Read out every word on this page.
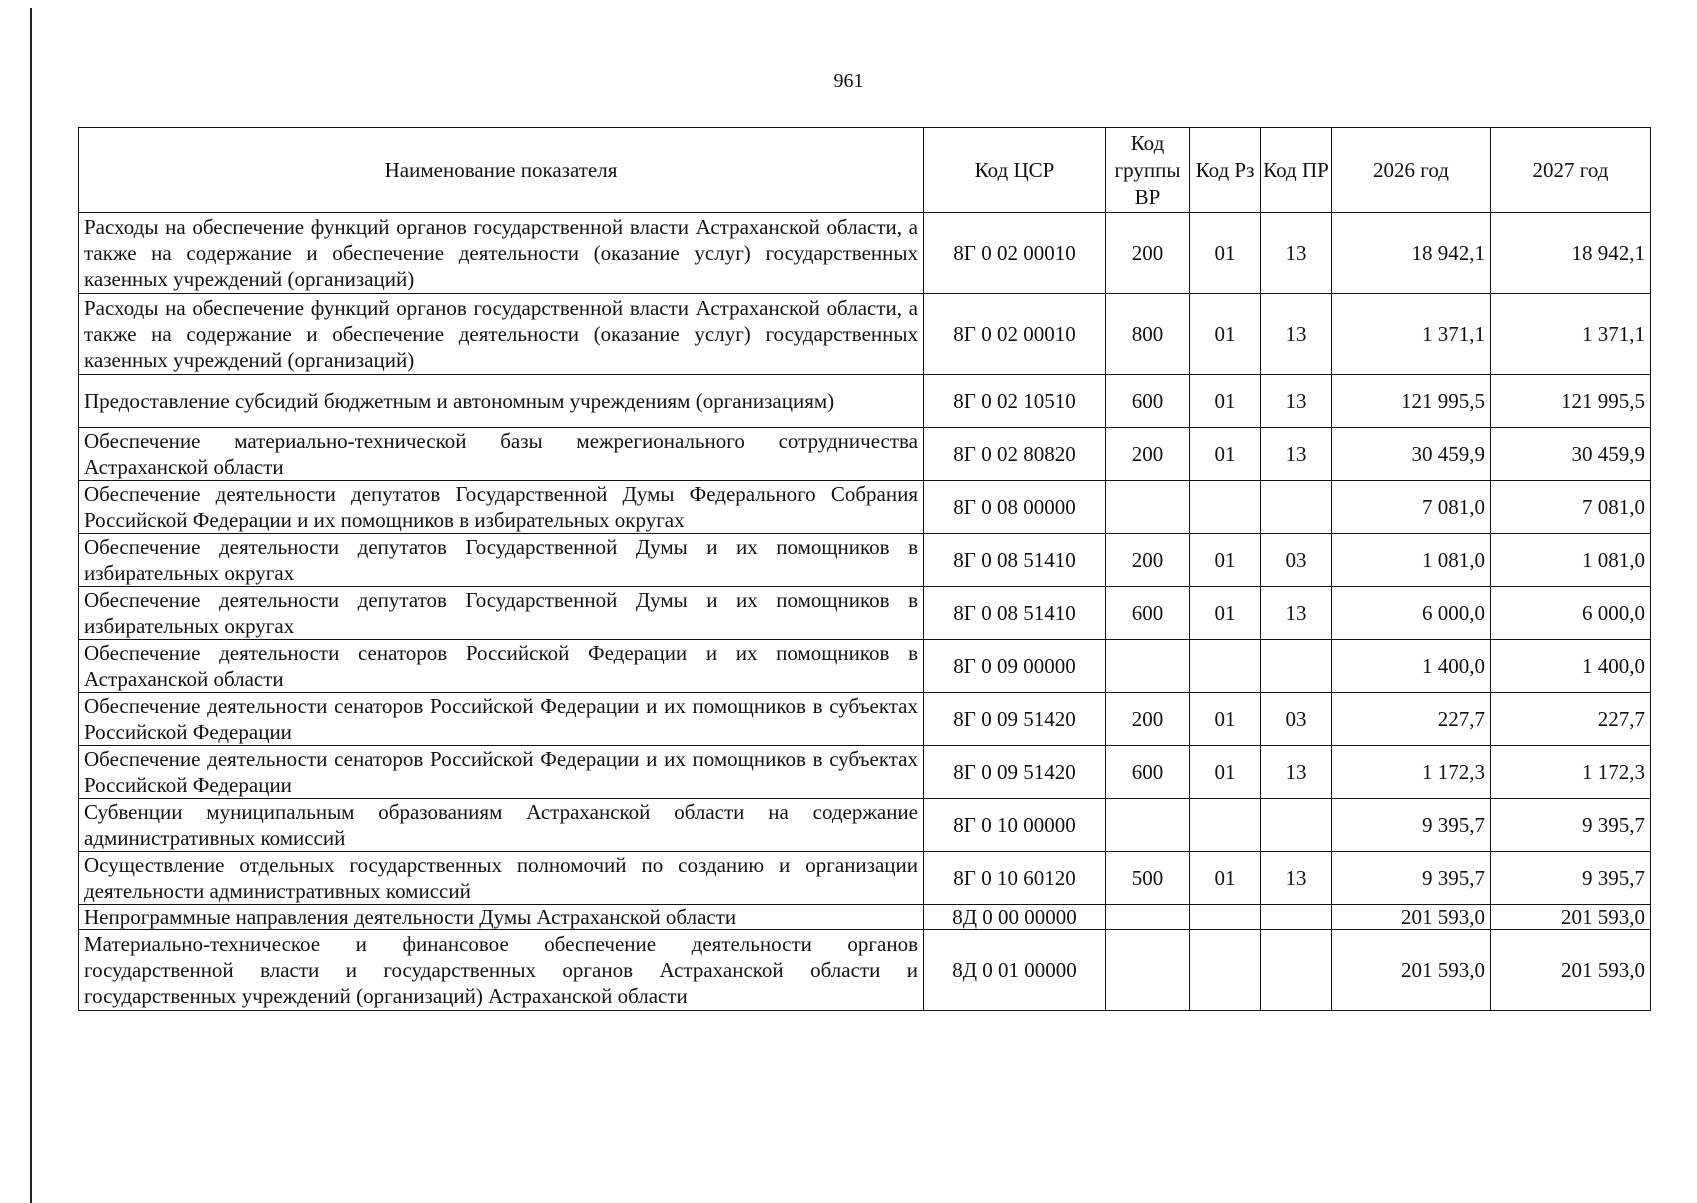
961
Наименование показателя	Код ЦСР	Код группы ВР	Код Рз	Код ПР	2026 год	2027 год
Расходы на обеспечение функций органов государственной власти Астраханской области, а также на содержание и обеспечение деятельности (оказание услуг) государственных казенных учреждений (организаций)	8Г 0 02 00010	200	01	13	18 942,1	18 942,1
Расходы на обеспечение функций органов государственной власти Астраханской области, а также на содержание и обеспечение деятельности (оказание услуг) государственных казенных учреждений (организаций)	8Г 0 02 00010	800	01	13	1 371,1	1 371,1
Предоставление субсидий бюджетным и автономным учреждениям (организациям)	8Г 0 02 10510	600	01	13	121 995,5	121 995,5
Обеспечение материально-технической базы межрегионального сотрудничества Астраханской области	8Г 0 02 80820	200	01	13	30 459,9	30 459,9
Обеспечение деятельности депутатов Государственной Думы Федерального Собрания Российской Федерации и их помощников в избирательных округах	8Г 0 08 00000				7 081,0	7 081,0
Обеспечение деятельности депутатов Государственной Думы и их помощников в избирательных округах	8Г 0 08 51410	200	01	03	1 081,0	1 081,0
Обеспечение деятельности депутатов Государственной Думы и их помощников в избирательных округах	8Г 0 08 51410	600	01	13	6 000,0	6 000,0
Обеспечение деятельности сенаторов Российской Федерации и их помощников в Астраханской области	8Г 0 09 00000				1 400,0	1 400,0
Обеспечение деятельности сенаторов Российской Федерации и их помощников в субъектах Российской Федерации	8Г 0 09 51420	200	01	03	227,7	227,7
Обеспечение деятельности сенаторов Российской Федерации и их помощников в субъектах Российской Федерации	8Г 0 09 51420	600	01	13	1 172,3	1 172,3
Субвенции муниципальным образованиям Астраханской области на содержание административных комиссий	8Г 0 10 00000				9 395,7	9 395,7
Осуществление отдельных государственных полномочий по созданию и организации деятельности административных комиссий	8Г 0 10 60120	500	01	13	9 395,7	9 395,7
Непрограммные направления деятельности Думы Астраханской области	8Д 0 00 00000				201 593,0	201 593,0
Материально-техническое и финансовое обеспечение деятельности органов государственной власти и государственных органов Астраханской области и государственных учреждений (организаций) Астраханской области	8Д 0 01 00000				201 593,0	201 593,0
